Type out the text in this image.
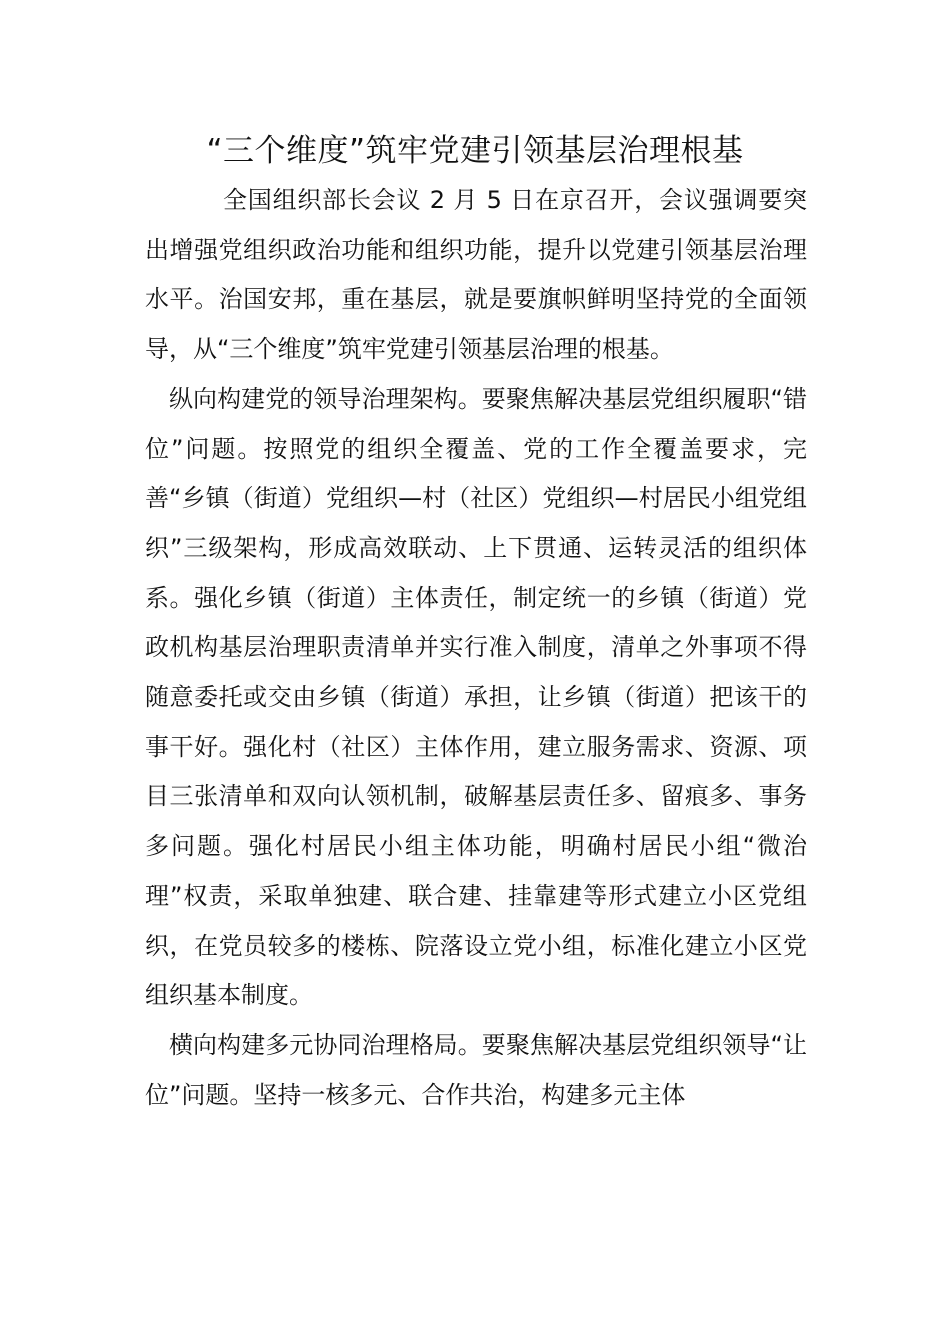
“三个维度”筑牢党建引领基层治理根基

全国组织部长会议 2 月 5 日在京召开，会议强调要突出增强党组织政治功能和组织功能，提升以党建引领基层治理水平。治国安邦，重在基层，就是要旗帜鲜明坚持党的全面领导，从“三个维度”筑牢党建引领基层治理的根基。

纵向构建党的领导治理架构。要聚焦解决基层党组织履职“错位”问题。按照党的组织全覆盖、党的工作全覆盖要求，完善“乡镇（街道）党组织—村（社区）党组织—村居民小组党组织”三级架构，形成高效联动、上下贯通、运转灵活的组织体系。强化乡镇（街道）主体责任，制定统一的乡镇（街道）党政机构基层治理职责清单并实行准入制度，清单之外事项不得随意委托或交由乡镇（街道）承担，让乡镇（街道）把该干的事干好。强化村（社区）主体作用，建立服务需求、资源、项目三张清单和双向认领机制，破解基层责任多、留痕多、事务多问题。强化村居民小组主体功能，明确村居民小组“微治理”权责，采取单独建、联合建、挂靠建等形式建立小区党组织，在党员较多的楼栋、院落设立党小组，标准化建立小区党组织基本制度。

横向构建多元协同治理格局。要聚焦解决基层党组织领导“让位”问题。坚持一核多元、合作共治，构建多元主体
